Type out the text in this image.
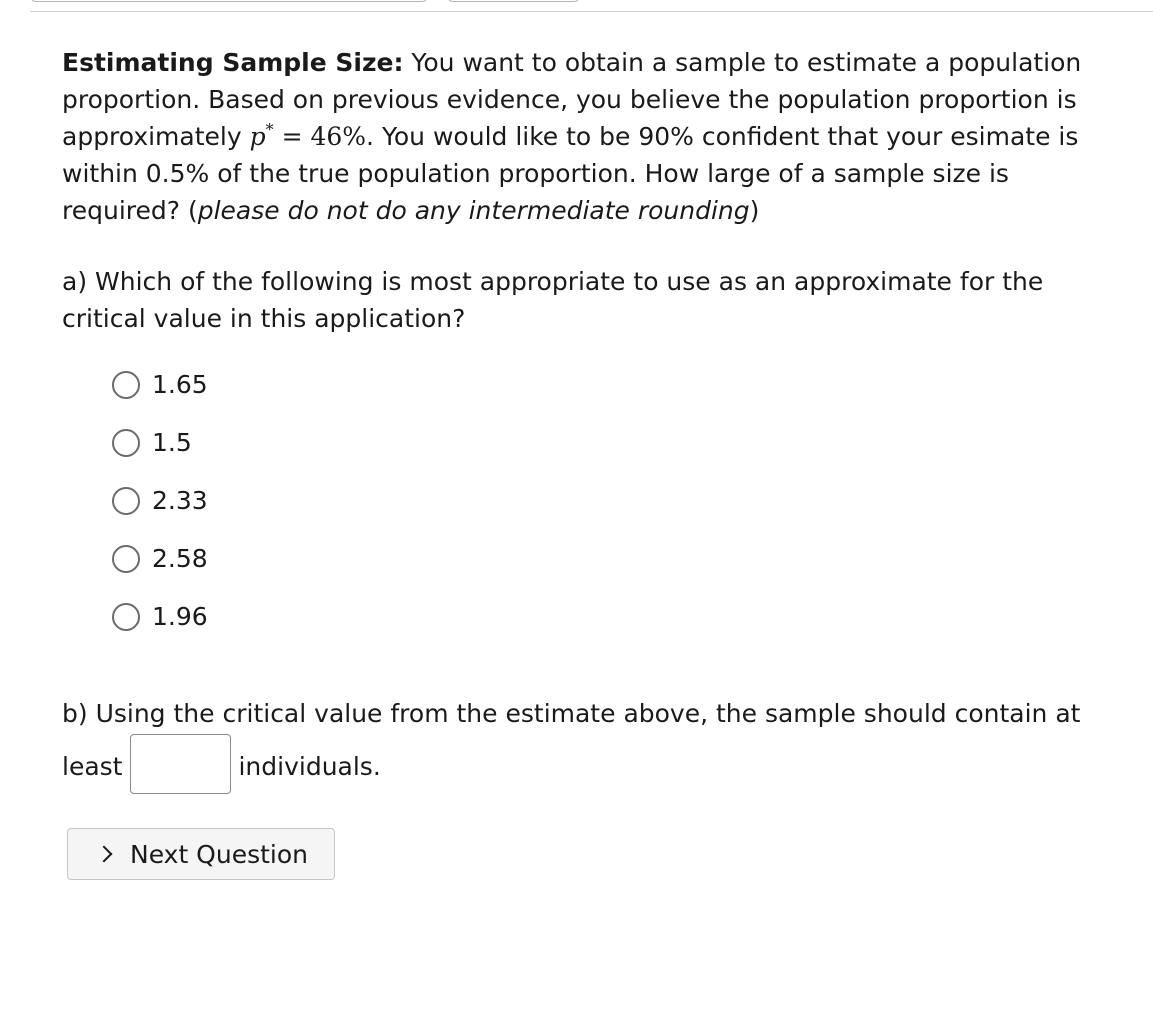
Estimating Sample Size: You want to obtain a sample to estimate a population proportion. Based on previous evidence, you believe the population proportion is approximately p* = 46%. You would like to be 90% confident that your esimate is within 0.5% of the true population proportion. How large of a sample size is required? (please do not do any intermediate rounding)

a) Which of the following is most appropriate to use as an approximate for the critical value in this application?

1.65
1.5
2.33
2.58
1.96

b) Using the critical value from the estimate above, the sample should contain at least	individuals.

Next Question
